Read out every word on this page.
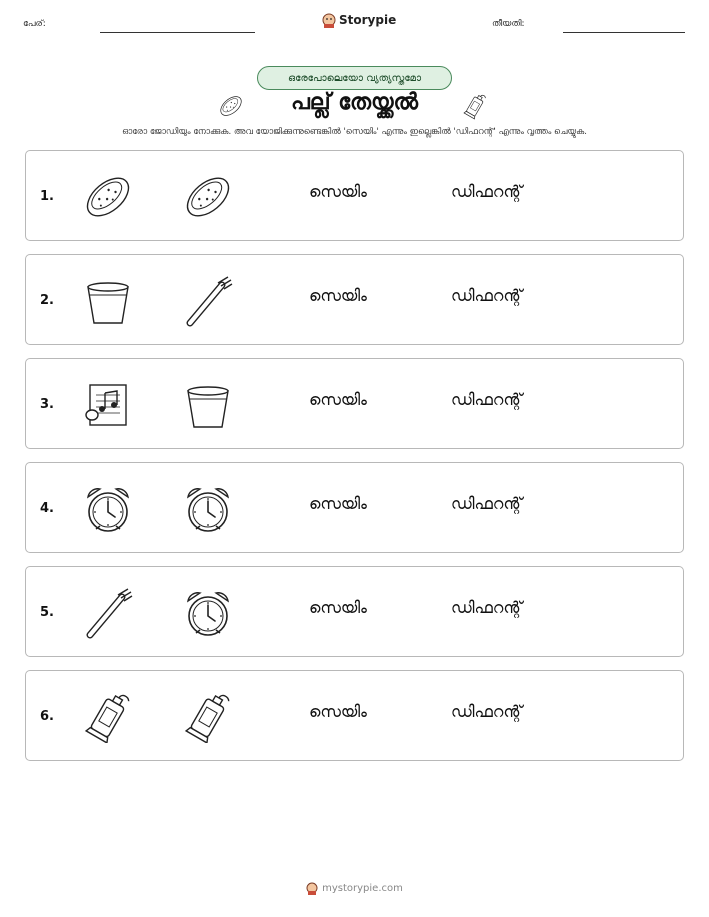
പേര്:	Storypie	തീയതി:
ഒരേപോലെയോ വ്യത്യസ്തമോ
പല്ല് തേയ്ക്കൽ
ഓരോ ജോഡിയും നോക്കുക. അവ യോജിക്കുന്നുണ്ടെങ്കിൽ 'സെയിം' എന്നും ഇല്ലെങ്കിൽ 'ഡിഫറന്റ്' എന്നും വൃത്തം ചെയ്യുക.
1.	സെയിം	ഡിഫറന്റ്
2.	സെയിം	ഡിഫറന്റ്
3.	സെയിം	ഡിഫറന്റ്
4.	സെയിം	ഡിഫറന്റ്
5.	സെയിം	ഡിഫറന്റ്
6.	സെയിം	ഡിഫറന്റ്
mystorypie.com
